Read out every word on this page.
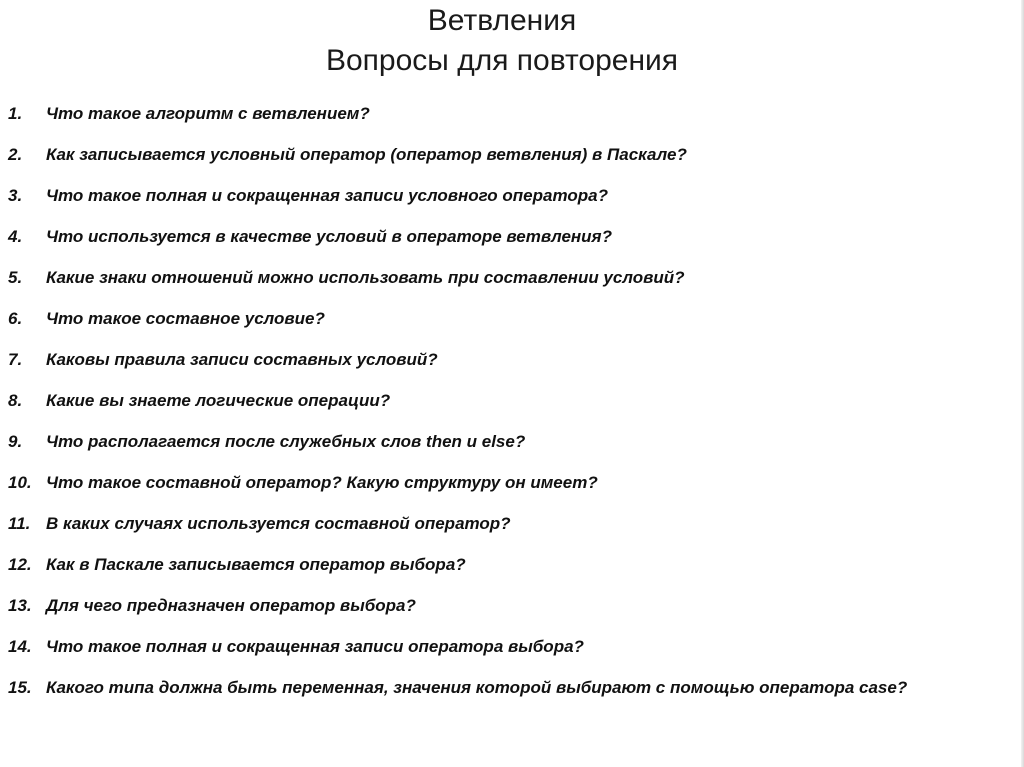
Ветвления
Вопросы для повторения
1. Что такое алгоритм с ветвлением?
2. Как записывается условный оператор (оператор ветвления) в Паскале?
3. Что такое полная и сокращенная записи условного оператора?
4. Что используется в качестве условий в операторе ветвления?
5. Какие знаки отношений можно использовать при составлении условий?
6. Что такое составное условие?
7. Каковы правила записи составных условий?
8. Какие вы знаете логические операции?
9. Что располагается после служебных слов then и else?
10. Что такое составной оператор? Какую структуру он имеет?
11. В каких случаях используется составной оператор?
12. Как в Паскале записывается оператор выбора?
13. Для чего предназначен оператор выбора?
14. Что такое полная и сокращенная записи оператора выбора?
15. Какого типа должна быть переменная, значения которой выбирают с помощью оператора case?
